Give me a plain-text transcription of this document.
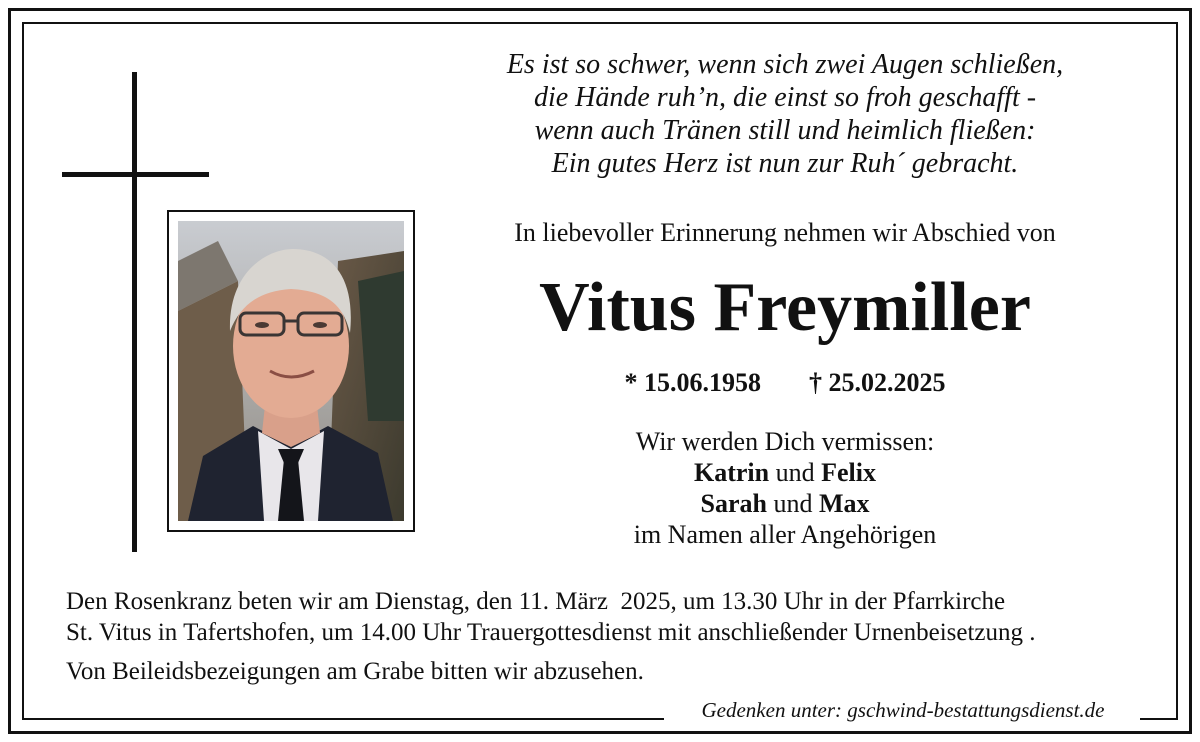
Es ist so schwer, wenn sich zwei Augen schließen,
die Hände ruh’n, die einst so froh geschafft -
wenn auch Tränen still und heimlich fließen:
Ein gutes Herz ist nun zur Ruh´ gebracht.
In liebevoller Erinnerung nehmen wir Abschied von
Vitus Freymiller
* 15.06.1958 † 25.02.2025
Wir werden Dich vermissen:
Katrin und Felix
Sarah und Max
im Namen aller Angehörigen
Den Rosenkranz beten wir am Dienstag, den 11. März  2025, um 13.30 Uhr in der Pfarrkirche
St. Vitus in Tafertshofen, um 14.00 Uhr Trauergottesdienst mit anschließender Urnenbeisetzung .
Von Beileidsbezeigungen am Grabe bitten wir abzusehen.
Gedenken unter: gschwind-bestattungsdienst.de
